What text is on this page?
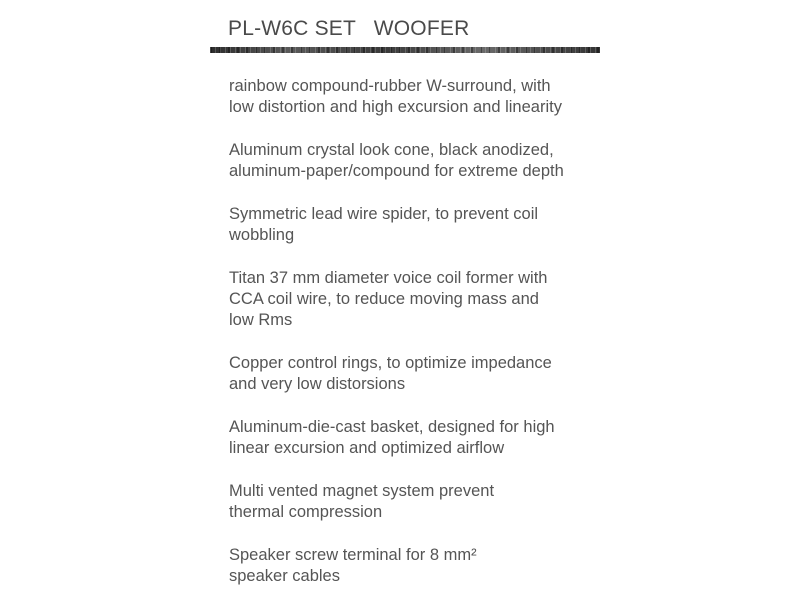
PL-W6C SET   WOOFER

rainbow compound-rubber W-surround, with
low distortion and high excursion and linearity

Aluminum crystal look cone, black anodized,
aluminum-paper/compound for extreme depth

Symmetric lead wire spider, to prevent coil
wobbling

Titan 37 mm diameter voice coil former with
CCA coil wire, to reduce moving mass and
low Rms

Copper control rings, to optimize impedance
and very low distorsions

Aluminum-die-cast basket, designed for high
linear excursion and optimized airflow

Multi vented magnet system prevent
thermal compression

Speaker screw terminal for 8 mm²
speaker cables
